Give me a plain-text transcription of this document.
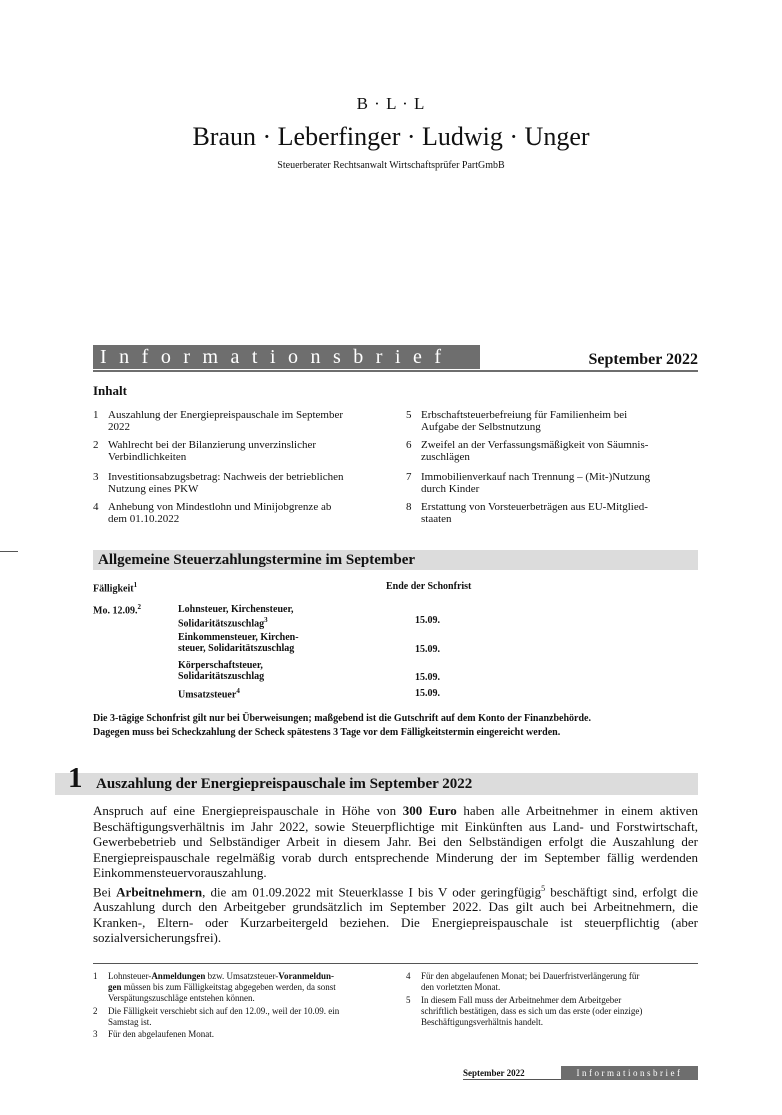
B · L · L
Braun · Leberfinger · Ludwig · Unger
Steuerberater Rechtsanwalt Wirtschaftsprüfer PartGmbB
Informationsbrief	September 2022
Inhalt
1 Auszahlung der Energiepreispauschale im September
2022
2 Wahlrecht bei der Bilanzierung unverzinslicher
Verbindlichkeiten
3 Investitionsabzugsbetrag: Nachweis der betrieblichen
Nutzung eines PKW
4 Anhebung von Mindestlohn und Minijobgrenze ab
dem 01.10.2022
5 Erbschaftsteuerbefreiung für Familienheim bei
Aufgabe der Selbstnutzung
6 Zweifel an der Verfassungsmäßigkeit von Säumnis-
zuschlägen
7 Immobilienverkauf nach Trennung – (Mit-)Nutzung
durch Kinder
8 Erstattung von Vorsteuerbeträgen aus EU-Mitglied-
staaten
Allgemeine Steuerzahlungstermine im September
Fälligkeit$^1$	Ende der Schonfrist
Mo. 12.09.$^2$	Lohnsteuer, Kirchensteuer,
Solidaritätszuschlag$^3$	15.09.
Einkommensteuer, Kirchen-
steuer, Solidaritätszuschlag	15.09.
Körperschaftsteuer,
Solidaritätszuschlag	15.09.
Umsatzsteuer$^4$	15.09.
Die 3-tägige Schonfrist gilt nur bei Überweisungen; maßgebend ist die Gutschrift auf dem Konto der Finanzbehörde.
Dagegen muss bei Scheckzahlung der Scheck spätestens 3 Tage vor dem Fälligkeitstermin eingereicht werden.
1 Auszahlung der Energiepreispauschale im September 2022

Anspruch auf eine Energiepreispauschale in Höhe von 300 Euro haben alle Arbeitnehmer in einem aktiven Beschäftigungsverhältnis im Jahr 2022, sowie Steuerpflichtige mit Einkünften aus Land- und Forstwirtschaft, Gewerbebetrieb und Selbständiger Arbeit in diesem Jahr. Bei den Selbständigen erfolgt die Auszahlung der Energiepreispauschale regelmäßig vorab durch entsprechende Minderung der im September fällig werdenden Einkommensteuervorauszahlung.

Bei Arbeitnehmern, die am 01.09.2022 mit Steuerklasse I bis V oder geringfügig$^5$ beschäftigt sind, erfolgt die Auszahlung durch den Arbeitgeber grundsätzlich im September 2022. Das gilt auch bei Arbeitnehmern, die Kranken-, Eltern- oder Kurzarbeitergeld beziehen. Die Energiepreispauschale ist steuerpflichtig (aber sozialversicherungsfrei).

1 Lohnsteuer-Anmeldungen bzw. Umsatzsteuer-Voranmeldun-
gen müssen bis zum Fälligkeitstag abgegeben werden, da sonst
Verspätungszuschläge entstehen können.
2 Die Fälligkeit verschiebt sich auf den 12.09., weil der 10.09. ein
Samstag ist.
3 Für den abgelaufenen Monat.
4 Für den abgelaufenen Monat; bei Dauerfristverlängerung für
den vorletzten Monat.
5 In diesem Fall muss der Arbeitnehmer dem Arbeitgeber
schriftlich bestätigen, dass es sich um das erste (oder einzige)
Beschäftigungsverhältnis handelt.
September 2022	Informationsbrief
